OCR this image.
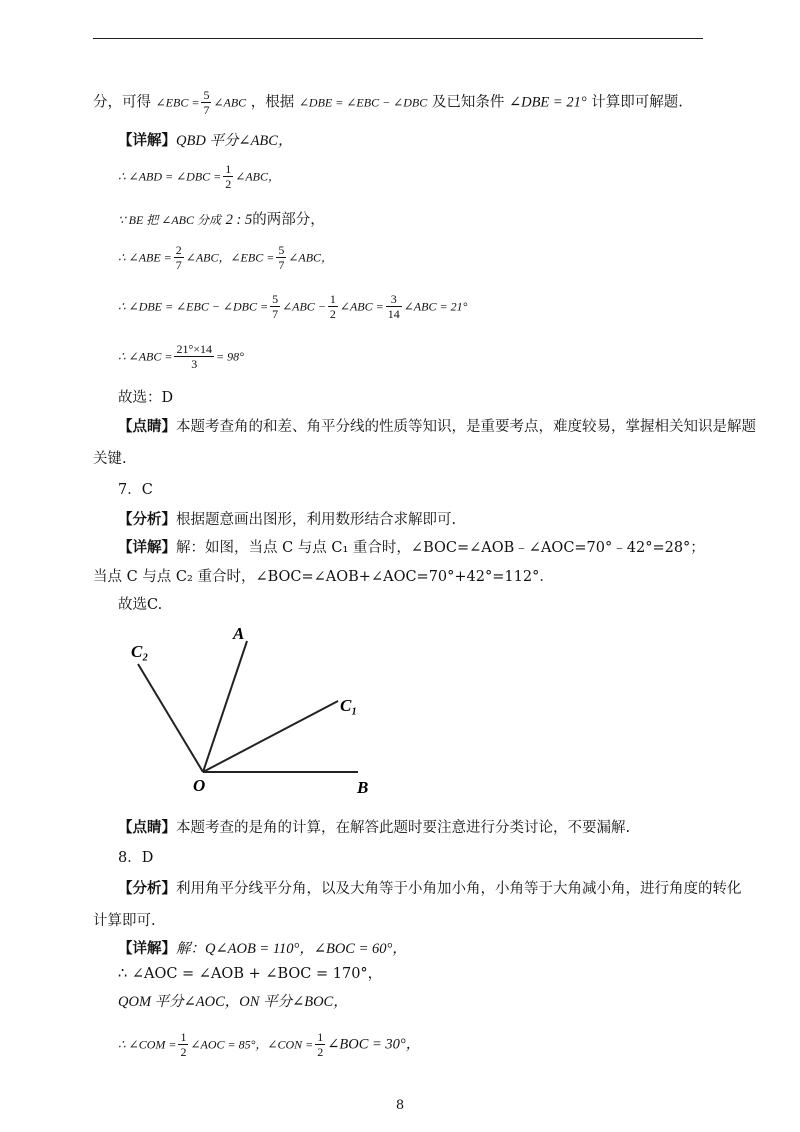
分，可得 ∠EBC = $\frac{5}{7}$ ∠ABC ，根据 ∠DBE = ∠EBC − ∠DBC 及已知条件 ∠DBE = 21° 计算即可解题.
【详解】QBD 平分∠ABC，
∴ ∠ABD = ∠DBC = $\frac{1}{2}$ ∠ABC，
∵ BE 把 ∠ABC 分成 2 : 5的两部分，
∴ ∠ABE = $\frac{2}{7}$ ∠ABC，∠EBC = $\frac{5}{7}$ ∠ABC，
∴ ∠DBE = ∠EBC − ∠DBC = $\frac{5}{7}$ ∠ABC − $\frac{1}{2}$ ∠ABC = $\frac{3}{14}$ ∠ABC = 21°
∴ ∠ABC = $\frac{21^\circ\times 14}{3} = 98^\circ$
故选：D
【点睛】本题考查角的和差、角平分线的性质等知识，是重要考点，难度较易，掌握相关知识是解题
关键.
7．C
【分析】根据题意画出图形，利用数形结合求解即可.
【详解】解：如图，当点 C 与点 C₁ 重合时，∠BOC=∠AOB﹣∠AOC=70°﹣42°=28°；
当点 C 与点 C₂ 重合时，∠BOC=∠AOB+∠AOC=70°+42°=112°．
故选C.
C₂
A
C₁
O	B
【点睛】本题考查的是角的计算，在解答此题时要注意进行分类讨论，不要漏解.
8．D
【分析】利用角平分线平分角，以及大角等于小角加小角，小角等于大角减小角，进行角度的转化
计算即可.
【详解】解：Q∠AOB = 110°，∠BOC = 60°，
∴ ∠AOC = ∠AOB + ∠BOC = 170°，
QOM 平分∠AOC，ON 平分∠BOC，
∴ ∠COM = $\frac{1}{2}$ ∠AOC = 85°，∠CON = $\frac{1}{2}$ ∠BOC = 30°，
8
